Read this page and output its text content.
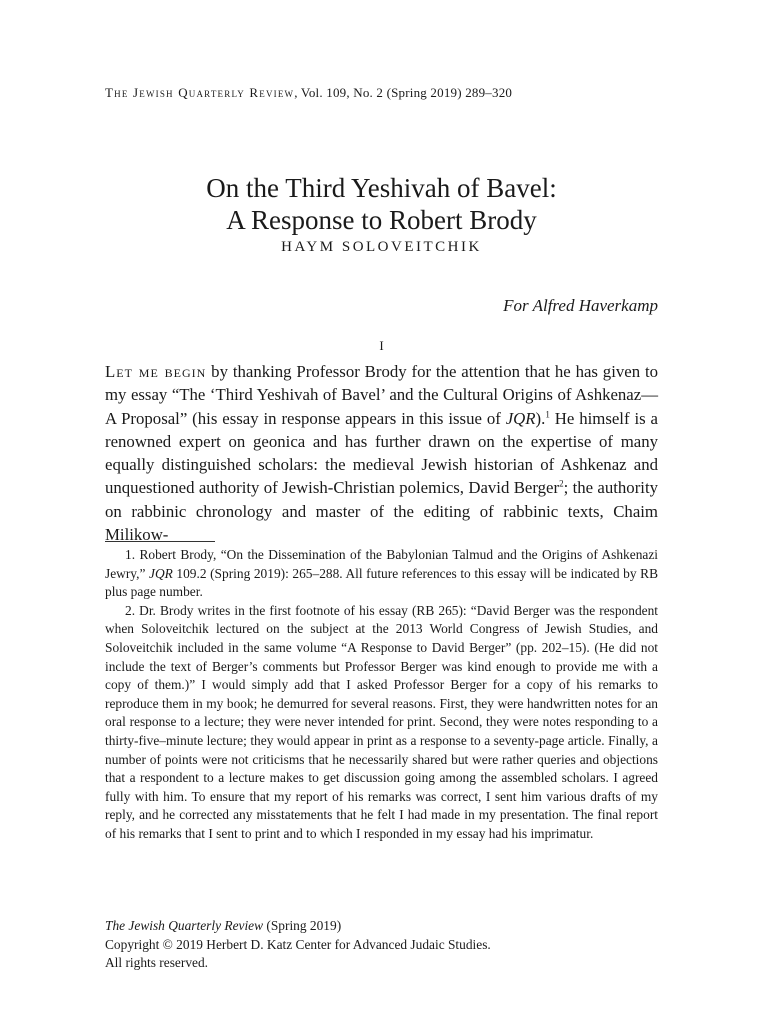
The Jewish Quarterly Review, Vol. 109, No. 2 (Spring 2019) 289–320
On the Third Yeshivah of Bavel:
A Response to Robert Brody
HAYM SOLOVEITCHIK
For Alfred Haverkamp
I

Let me begin by thanking Professor Brody for the attention that he has given to my essay “The ‘Third Yeshivah of Bavel’ and the Cultural Origins of Ashkenaz—A Proposal” (his essay in response appears in this issue of JQR).$^1$ He himself is a renowned expert on geonica and has further drawn on the expertise of many equally distinguished scholars: the medieval Jewish historian of Ashkenaz and unquestioned authority of Jewish-Christian polemics, David Berger$^2$; the authority on rabbinic chronology and master of the editing of rabbinic texts, Chaim Milikow-

1. Robert Brody, “On the Dissemination of the Babylonian Talmud and the Origins of Ashkenazi Jewry,” JQR 109.2 (Spring 2019): 265–288. All future references to this essay will be indicated by RB plus page number.

2. Dr. Brody writes in the first footnote of his essay (RB 265): “David Berger was the respondent when Soloveitchik lectured on the subject at the 2013 World Congress of Jewish Studies, and Soloveitchik included in the same volume “A Response to David Berger” (pp. 202–15). (He did not include the text of Berger’s comments but Professor Berger was kind enough to provide me with a copy of them.)” I would simply add that I asked Professor Berger for a copy of his remarks to reproduce them in my book; he demurred for several reasons. First, they were handwritten notes for an oral response to a lecture; they were never intended for print. Second, they were notes responding to a thirty-five–minute lecture; they would appear in print as a response to a seventy-page article. Finally, a number of points were not criticisms that he necessarily shared but were rather queries and objections that a respondent to a lecture makes to get discussion going among the assembled scholars. I agreed fully with him. To ensure that my report of his remarks was correct, I sent him various drafts of my reply, and he corrected any misstatements that he felt I had made in my presentation. The final report of his remarks that I sent to print and to which I responded in my essay had his imprimatur.

The Jewish Quarterly Review (Spring 2019)
Copyright © 2019 Herbert D. Katz Center for Advanced Judaic Studies.
All rights reserved.
